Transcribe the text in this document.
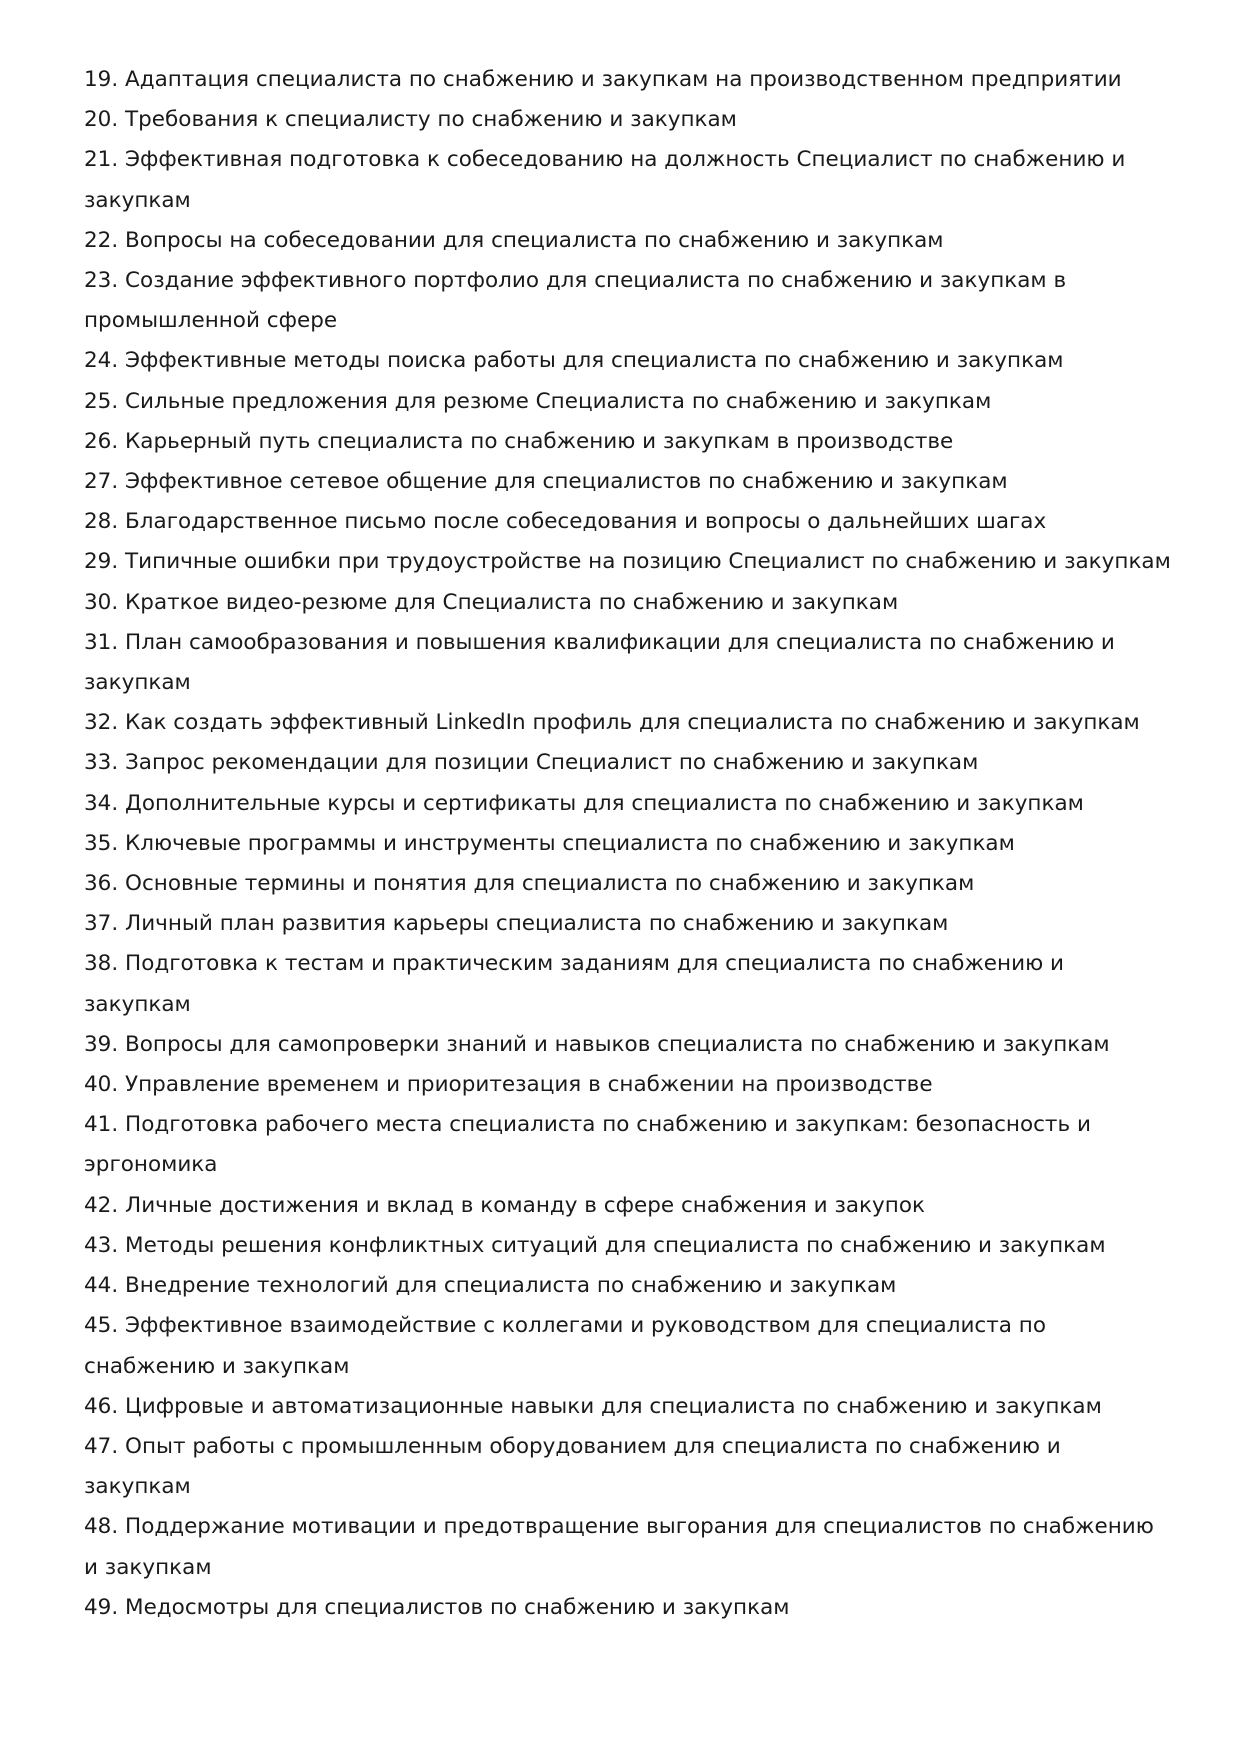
19. Адаптация специалиста по снабжению и закупкам на производственном предприятии
20. Требования к специалисту по снабжению и закупкам
21. Эффективная подготовка к собеседованию на должность Специалист по снабжению и закупкам
22. Вопросы на собеседовании для специалиста по снабжению и закупкам
23. Создание эффективного портфолио для специалиста по снабжению и закупкам в промышленной сфере
24. Эффективные методы поиска работы для специалиста по снабжению и закупкам
25. Сильные предложения для резюме Специалиста по снабжению и закупкам
26. Карьерный путь специалиста по снабжению и закупкам в производстве
27. Эффективное сетевое общение для специалистов по снабжению и закупкам
28. Благодарственное письмо после собеседования и вопросы о дальнейших шагах
29. Типичные ошибки при трудоустройстве на позицию Специалист по снабжению и закупкам
30. Краткое видео-резюме для Специалиста по снабжению и закупкам
31. План самообразования и повышения квалификации для специалиста по снабжению и закупкам
32. Как создать эффективный LinkedIn профиль для специалиста по снабжению и закупкам
33. Запрос рекомендации для позиции Специалист по снабжению и закупкам
34. Дополнительные курсы и сертификаты для специалиста по снабжению и закупкам
35. Ключевые программы и инструменты специалиста по снабжению и закупкам
36. Основные термины и понятия для специалиста по снабжению и закупкам
37. Личный план развития карьеры специалиста по снабжению и закупкам
38. Подготовка к тестам и практическим заданиям для специалиста по снабжению и закупкам
39. Вопросы для самопроверки знаний и навыков специалиста по снабжению и закупкам
40. Управление временем и приоритезация в снабжении на производстве
41. Подготовка рабочего места специалиста по снабжению и закупкам: безопасность и эргономика
42. Личные достижения и вклад в команду в сфере снабжения и закупок
43. Методы решения конфликтных ситуаций для специалиста по снабжению и закупкам
44. Внедрение технологий для специалиста по снабжению и закупкам
45. Эффективное взаимодействие с коллегами и руководством для специалиста по снабжению и закупкам
46. Цифровые и автоматизационные навыки для специалиста по снабжению и закупкам
47. Опыт работы с промышленным оборудованием для специалиста по снабжению и закупкам
48. Поддержание мотивации и предотвращение выгорания для специалистов по снабжению и закупкам
49. Медосмотры для специалистов по снабжению и закупкам
